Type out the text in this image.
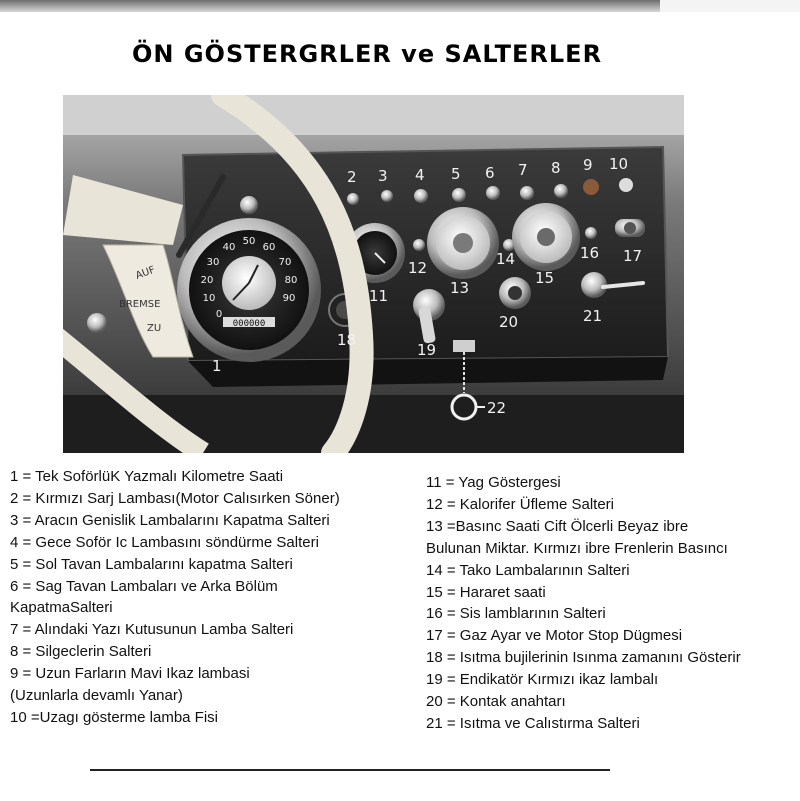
ÖN GÖSTERGRLER ve SALTERLER
000000
0
10
20
30
40
50
60
70
80
90
AUF
BREMSE
ZU
1
2 3 4 5 6 7 8 9 10
11
12
13
14
15
16 17
18
19
20	21
22
1 = Tek SoförlüK Yazmalı Kilometre Saati
2 = Kırmızı Sarj Lambası(Motor Calısırken Söner)
3 = Aracın Genislik Lambalarını Kapatma Salteri
4 = Gece Soför Ic Lambasını söndürme Salteri
5 = Sol Tavan Lambalarını kapatma Salteri
6 = Sag Tavan Lambaları ve Arka Bölüm
KapatmaSalteri
7 = Alındaki Yazı Kutusunun Lamba Salteri
8 = Silgeclerin Salteri
9 = Uzun Farların Mavi Ikaz lambasi
(Uzunlarla devamlı Yanar)
10 =Uzagı gösterme lamba Fisi
11 = Yag Göstergesi
12 = Kalorifer Üfleme Salteri
13 =Basınc Saati Cift Ölcerli Beyaz ibre
Bulunan Miktar. Kırmızı ibre Frenlerin Basıncı
14 = Tako Lambalarının Salteri
15 = Hararet saati
16 = Sis lamblarının Salteri
17 = Gaz Ayar ve Motor Stop Dügmesi
18 = Isıtma bujilerinin Isınma zamanını Gösterir
19 = Endikatör Kırmızı ikaz lambalı
20 = Kontak anahtarı
21 = Isıtma ve Calıstırma Salteri
